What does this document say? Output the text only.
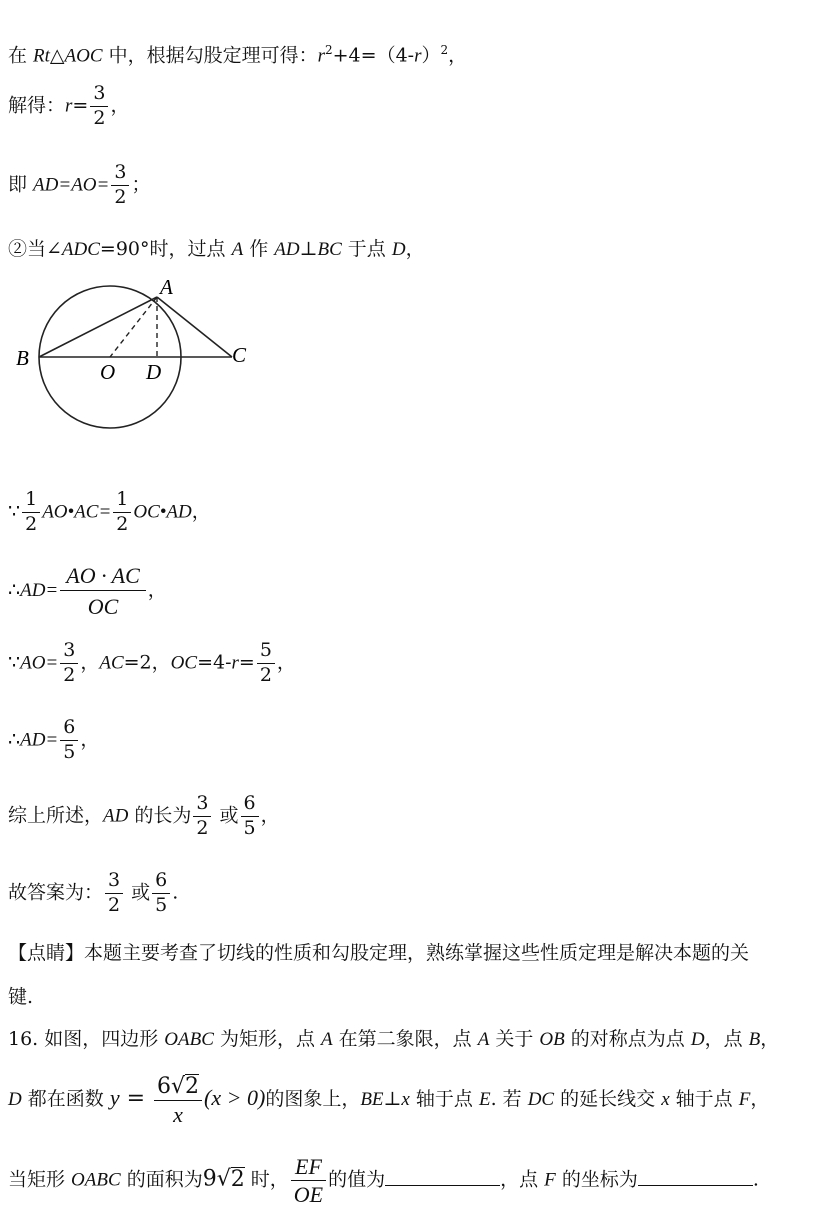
在 Rt△AOC 中，根据勾股定理可得：$r^2+4=(4-r)^2$，
解得：$r= \frac{3}{2}$ ，
即 $AD=AO= \frac{3}{2}$ ；
②当∠ADC=90°时，过点 A 作 AD⊥BC 于点 D，
A
B	C
O D
∵ $\frac{1}{2}$ AO•AC= $\frac{1}{2}$ OC•AD，
∴AD= $\frac{AO \cdot AC}{OC}$ ，
∵AO= $\frac{3}{2}$ ，AC=2，$OC=4-r= \frac{5}{2}$ ，
∴AD= $\frac{6}{5}$ ，
综上所述，AD 的长为 $\frac{3}{2}$ 或 $\frac{6}{5}$ ，
故答案为： $\frac{3}{2}$ 或 $\frac{6}{5}$ .
【点睛】本题主要考查了切线的性质和勾股定理，熟练掌握这些性质定理是解决本题的关
键.
16. 如图，四边形 OABC 为矩形，点 A 在第二象限，点 A 关于 OB 的对称点为点 D，点 B，
D 都在函数 $y = \frac{6√2}{x} (x > 0)$的图象上，BE⊥x 轴于点 E. 若 DC 的延长线交 x 轴于点 F，
当矩形 OABC 的面积为9√2 时， $\frac{EF}{OE}$ 的值为	，点 F 的坐标为	.
